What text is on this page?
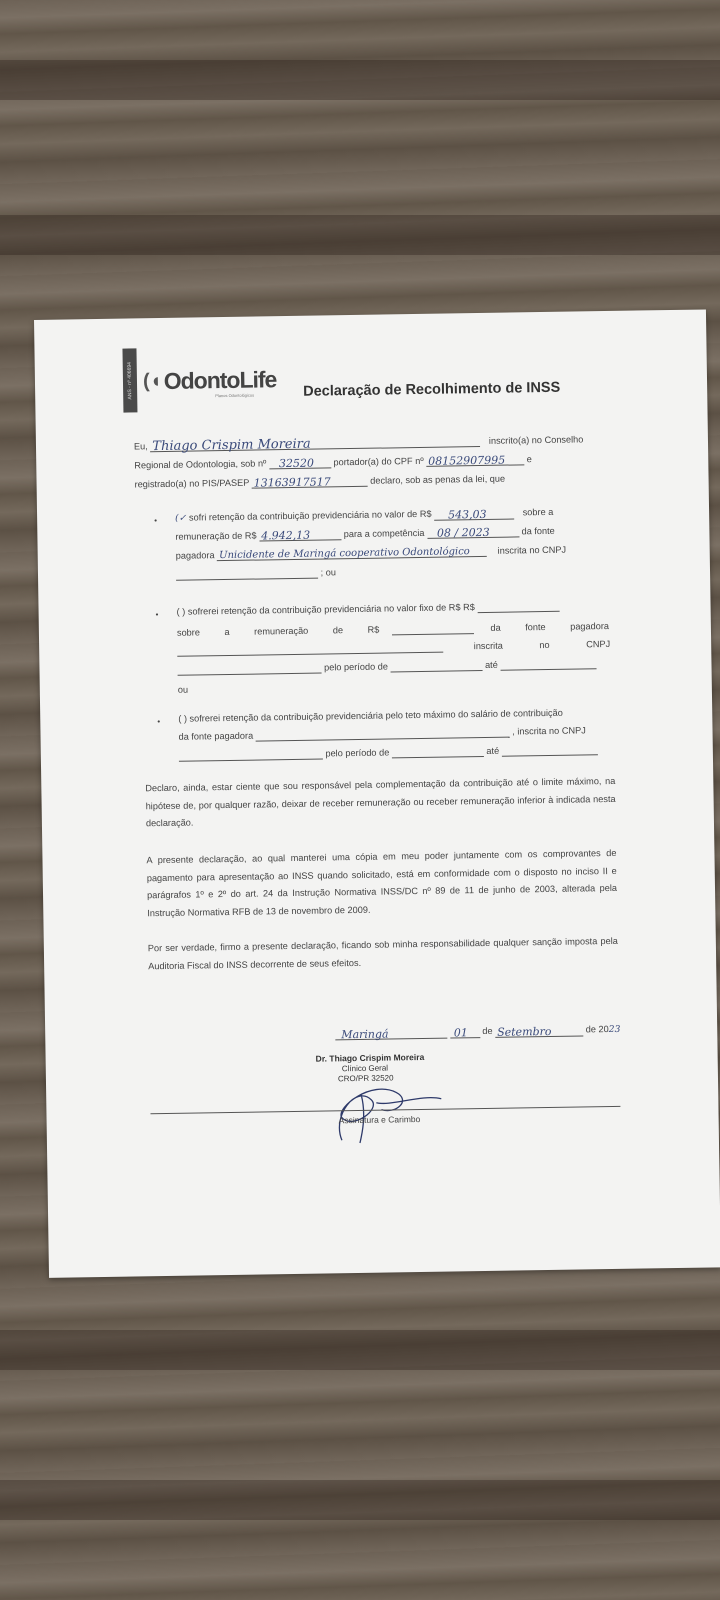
ANS - nº 406694 (◖ OdontoLife
Planos Odontológicos	Declaração de Recolhimento de INSS
Eu, Thiago Crispim Moreira	inscrito(a) no Conselho
Regional de Odontologia, sob nº 32520 portador(a) do CPF nº 08152907995 e
registrado(a) no PIS/PASEP 13163917517	declaro, sob as penas da lei, que
• (✓ sofri retenção da contribuição previdenciária no valor de R$ 543,03	sobre a
remuneração de R$ 4.942,13	para a competência 08 / 2023	da fonte
pagadora Unicidente de Maringá cooperativo Odontológico	inscrita no CNPJ
; ou
• ( ) sofrerei retenção da contribuição previdenciária no valor fixo de R$ R$
sobre a remuneração de R$	da fonte pagadora
inscrita no CNPJ
pelo período de	até
ou
• ( ) sofrerei retenção da contribuição previdenciária pelo teto máximo do salário de contribuição
da fonte pagadora	, inscrita no CNPJ
pelo período de	até
Declaro, ainda, estar ciente que sou responsável pela complementação da contribuição até o limite máximo, na hipótese de, por qualquer razão, deixar de receber remuneração ou receber remuneração inferior à indicada nesta declaração.
A presente declaração, ao qual manterei uma cópia em meu poder juntamente com os comprovantes de pagamento para apresentação ao INSS quando solicitado, está em conformidade com o disposto no inciso II e parágrafos 1º e 2º do art. 24 da Instrução Normativa INSS/DC nº 89 de 11 de junho de 2003, alterada pela Instrução Normativa RFB de 13 de novembro de 2009.
Por ser verdade, firmo a presente declaração, ficando sob minha responsabilidade qualquer sanção imposta pela Auditoria Fiscal do INSS decorrente de seus efeitos.
Maringá
	01 de Setembro	de 2023
Dr. Thiago Crispim Moreira
Clínico Geral
CRO/PR 32520
Assinatura e Carimbo
